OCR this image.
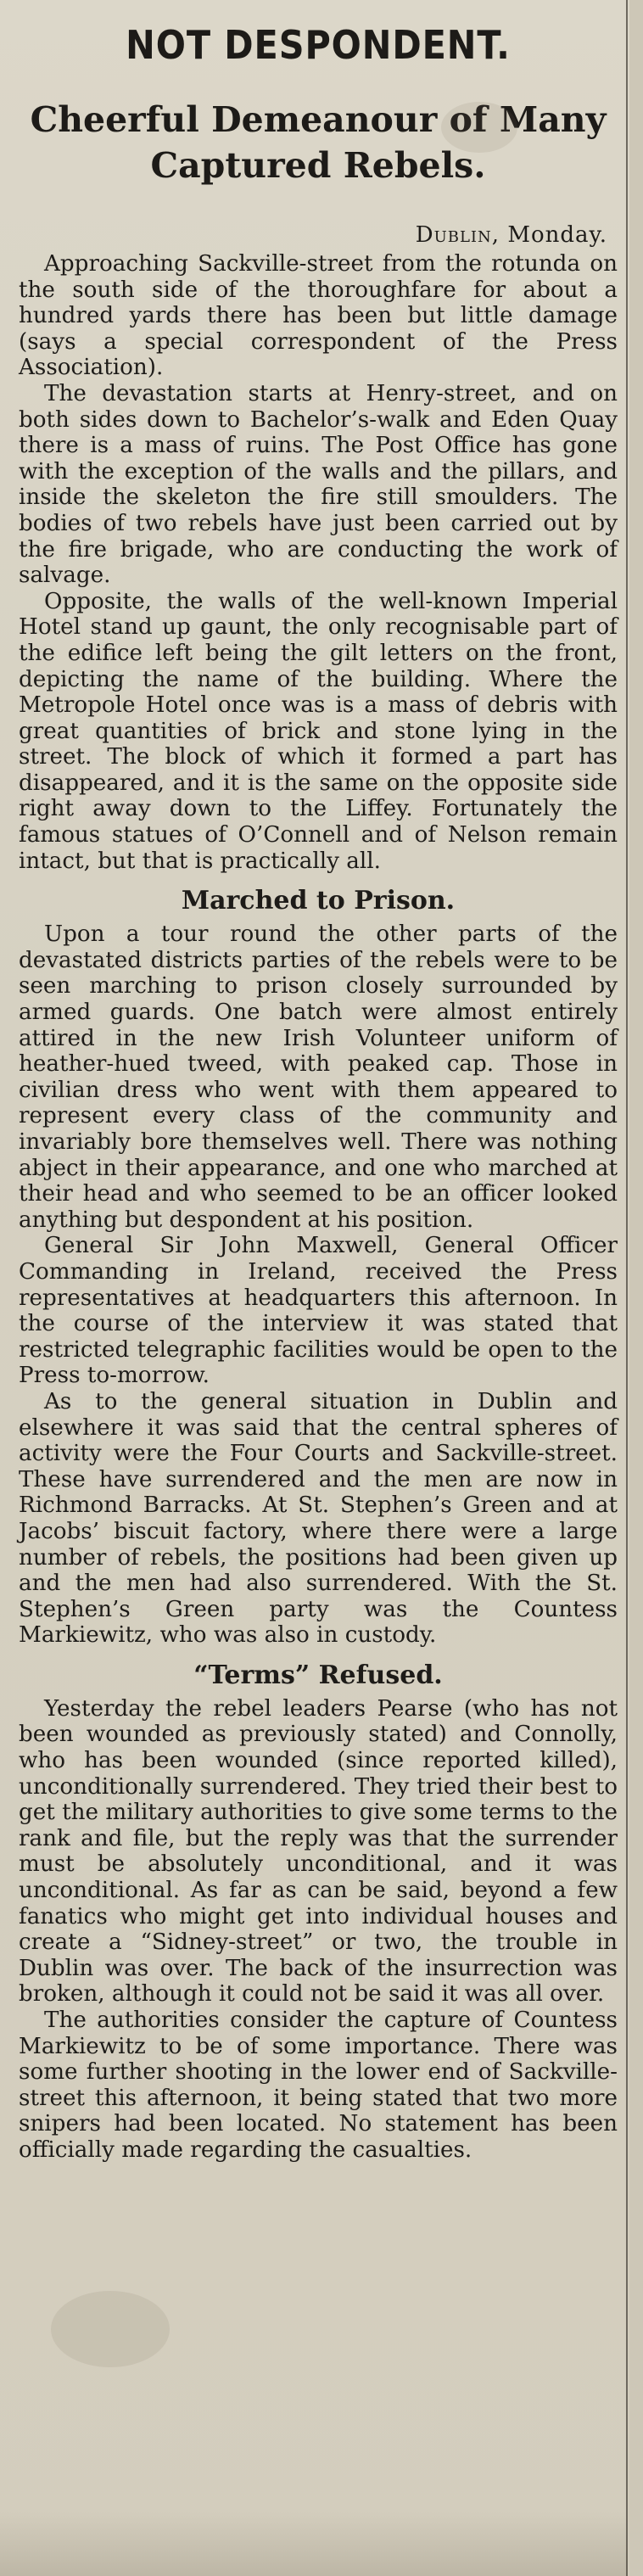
NOT DESPONDENT.
Cheerful Demeanour of Many
Captured Rebels.
Dublin, Monday.

Approaching Sackville-street from the rotunda on the south side of the thoroughfare for about a hundred yards there has been but little damage (says a special correspondent of the Press Association).

The devastation starts at Henry-street, and on both sides down to Bachelor’s-walk and Eden Quay there is a mass of ruins. The Post Office has gone with the exception of the walls and the pillars, and inside the skeleton the fire still smoulders. The bodies of two rebels have just been carried out by the fire brigade, who are conducting the work of salvage.

Opposite, the walls of the well-known Imperial Hotel stand up gaunt, the only recognisable part of the edifice left being the gilt letters on the front, depicting the name of the building. Where the Metropole Hotel once was is a mass of debris with great quantities of brick and stone lying in the street. The block of which it formed a part has disappeared, and it is the same on the opposite side right away down to the Liffey. Fortunately the famous statues of O’Connell and of Nelson remain intact, but that is practically all.

Marched to Prison.

Upon a tour round the other parts of the devastated districts parties of the rebels were to be seen marching to prison closely surrounded by armed guards. One batch were almost entirely attired in the new Irish Volunteer uniform of heather-hued tweed, with peaked cap. Those in civilian dress who went with them appeared to represent every class of the community and invariably bore themselves well. There was nothing abject in their appearance, and one who marched at their head and who seemed to be an officer looked anything but despondent at his position.

General Sir John Maxwell, General Officer Commanding in Ireland, received the Press representatives at headquarters this afternoon. In the course of the interview it was stated that restricted telegraphic facilities would be open to the Press to-morrow.

As to the general situation in Dublin and elsewhere it was said that the central spheres of activity were the Four Courts and Sackville-street. These have surrendered and the men are now in Richmond Barracks. At St. Stephen’s Green and at Jacobs’ biscuit factory, where there were a large number of rebels, the positions had been given up and the men had also surrendered. With the St. Stephen’s Green party was the Countess Markiewitz, who was also in custody.

“Terms” Refused.

Yesterday the rebel leaders Pearse (who has not been wounded as previously stated) and Connolly, who has been wounded (since reported killed), unconditionally surrendered. They tried their best to get the military authorities to give some terms to the rank and file, but the reply was that the surrender must be absolutely unconditional, and it was unconditional. As far as can be said, beyond a few fanatics who might get into individual houses and create a “Sidney-street” or two, the trouble in Dublin was over. The back of the insurrection was broken, although it could not be said it was all over.

The authorities consider the capture of Countess Markiewitz to be of some importance. There was some further shooting in the lower end of Sackville-street this afternoon, it being stated that two more snipers had been located. No statement has been officially made regarding the casualties.
